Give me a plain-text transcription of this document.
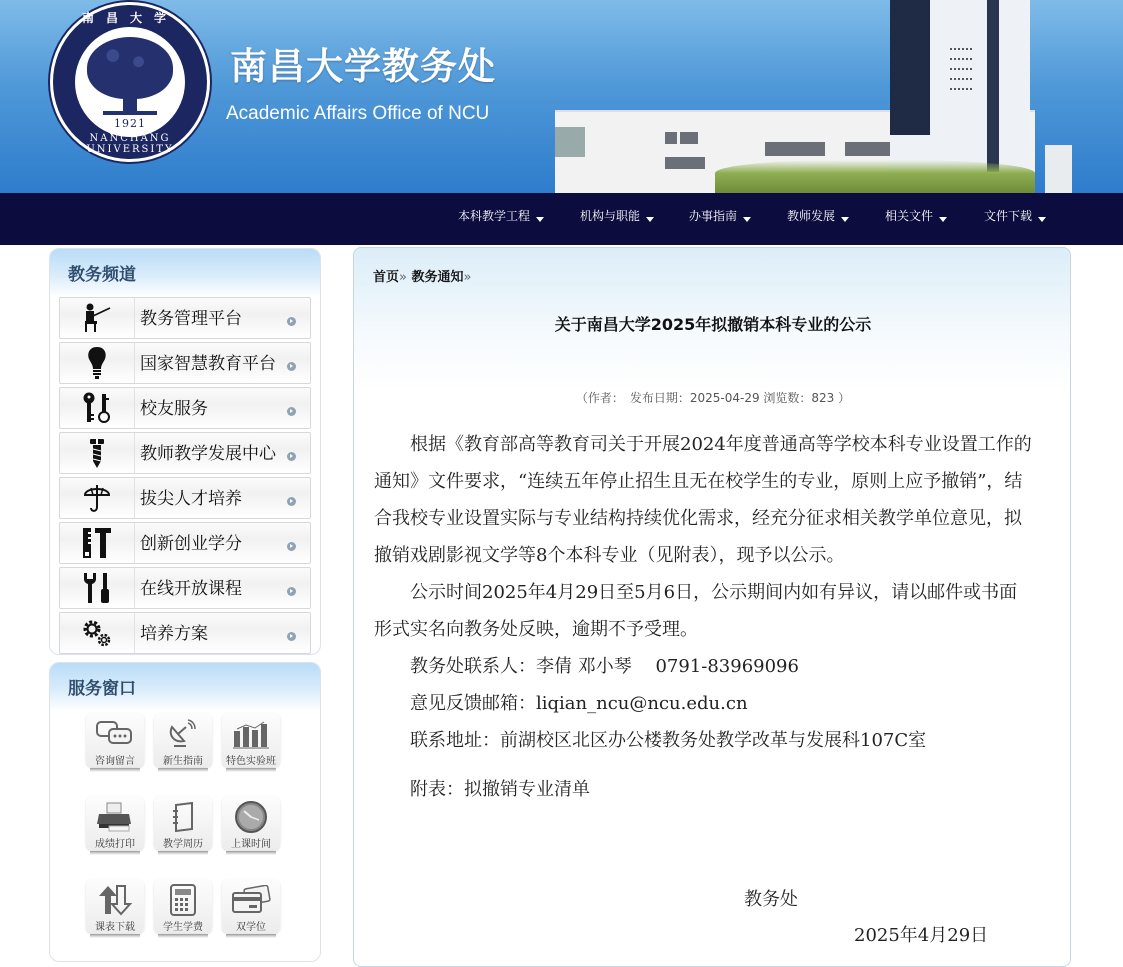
南昌大学
1921
NANCHANG UNIVERSITY
南昌大学教务处
Academic Affairs Office of NCU
本科教学工程	机构与职能	办事指南	教师发展	相关文件	文件下载
教务频道
教务管理平台
国家智慧教育平台
校友服务
教师教学发展中心
拔尖人才培养
创新创业学分
在线开放课程
培养方案
服务窗口
咨询留言	新生指南	特色实验班
成绩打印	教学周历	上课时间
课表下载	学生学费	双学位
首页» 教务通知»
关于南昌大学2025年拟撤销本科专业的公示
（作者：　发布日期：2025-04-29 浏览数：823 ）

根据《教育部高等教育司关于开展2024年度普通高等学校本科专业设置工作的通知》文件要求，“连续五年停止招生且无在校学生的专业，原则上应予撤销”，结合我校专业设置实际与专业结构持续优化需求，经充分征求相关教学单位意见，拟撤销戏剧影视文学等8个本科专业（见附表），现予以公示。

公示时间2025年4月29日至5月6日，公示期间内如有异议，请以邮件或书面形式实名向教务处反映，逾期不予受理。

教务处联系人：李倩 邓小琴　 0791-83969096

意见反馈邮箱：liqian_ncu@ncu.edu.cn

联系地址：前湖校区北区办公楼教务处教学改革与发展科107C室

附表：拟撤销专业清单

教务处
2025年4月29日
